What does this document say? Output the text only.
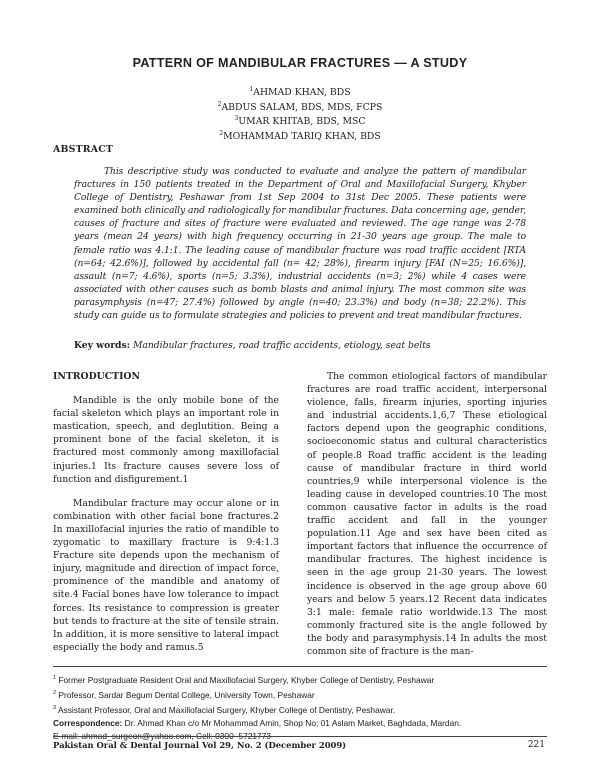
PATTERN OF MANDIBULAR FRACTURES — A STUDY
$^1$AHMAD KHAN, BDS
$^2$ABDUS SALAM, BDS, MDS, FCPS
$^3$UMAR KHITAB, BDS, MSC
$^2$MOHAMMAD TARIQ KHAN, BDS
ABSTRACT
This descriptive study was conducted to evaluate and analyze the pattern of mandibular fractures in 150 patients treated in the Department of Oral and Maxillofacial Surgery, Khyber College of Dentistry, Peshawar from 1st Sep 2004 to 31st Dec 2005. These patients were examined both clinically and radiologically for mandibular fractures. Data concerning age, gender, causes of fracture and sites of fracture were evaluated and reviewed. The age range was 2-78 years (mean 24 years) with high frequency occurring in 21-30 years age group. The male to female ratio was 4.1:1. The leading cause of mandibular fracture was road traffic accident [RTA (n=64; 42.6%)], followed by accidental fall (n= 42; 28%), firearm injury [FAI (N=25; 16.6%)], assault (n=7; 4.6%), sports (n=5; 3.3%), industrial accidents (n=3; 2%) while 4 cases were associated with other causes such as bomb blasts and animal injury. The most common site was parasymphysis (n=47; 27.4%) followed by angle (n=40; 23.3%) and body (n=38; 22.2%). This study can guide us to formulate strategies and policies to prevent and treat mandibular fractures.
Key words: Mandibular fractures, road traffic accidents, etiology, seat belts

INTRODUCTION

Mandible is the only mobile bone of the facial skeleton which plays an important role in mastication, speech, and deglutition. Being a prominent bone of the facial skeleton, it is fractured most commonly among maxillofacial injuries.1 Its fracture causes severe loss of function and disfigurement.1

Mandibular fracture may occur alone or in combination with other facial bone fractures.2 In maxillofacial injuries the ratio of mandible to zygomatic to maxillary fracture is 9:4:1.3 Fracture site depends upon the mechanism of injury, magnitude and direction of impact force, prominence of the mandible and anatomy of site.4 Facial bones have low tolerance to impact forces. Its resistance to compression is greater but tends to fracture at the site of tensile strain. In addition, it is more sensitive to lateral impact especially the body and ramus.5

The common etiological factors of mandibular fractures are road traffic accident, interpersonal violence, falls, firearm injuries, sporting injuries and industrial accidents.1,6,7 These etiological factors depend upon the geographic conditions, socioeconomic status and cultural characteristics of people.8 Road traffic accident is the leading cause of mandibular fracture in third world countries,9 while interpersonal violence is the leading cause in developed countries.10 The most common causative factor in adults is the road traffic accident and fall in the younger population.11 Age and sex have been cited as important factors that influence the occurrence of mandibular fractures. The highest incidence is seen in the age group 21-30 years. The lowest incidence is observed in the age group above 60 years and below 5 years.12 Recent data indicates 3:1 male: female ratio worldwide.13 The most commonly fractured site is the angle followed by the body and parasymphysis.14 In adults the most common site of fracture is the man-

$^1$ Former Postgraduate Resident Oral and Maxillofacial Surgery, Khyber College of Dentistry, Peshawar
$^2$ Professor, Sardar Begum Dental College, University Town, Peshawar
$^3$ Assistant Professor, Oral and Maxillofacial Surgery, Khyber College of Dentistry, Peshawar.
Correspondence: Dr. Ahmad Khan c/o Mr Mohammad Amin, Shop No; 01 Aslam Market, Baghdada, Mardan.
E-mail: ahmad_surgeon@yahoo.com, Cell: 0300–5721773
Pakistan Oral & Dental Journal Vol 29, No. 2 (December 2009)	221
